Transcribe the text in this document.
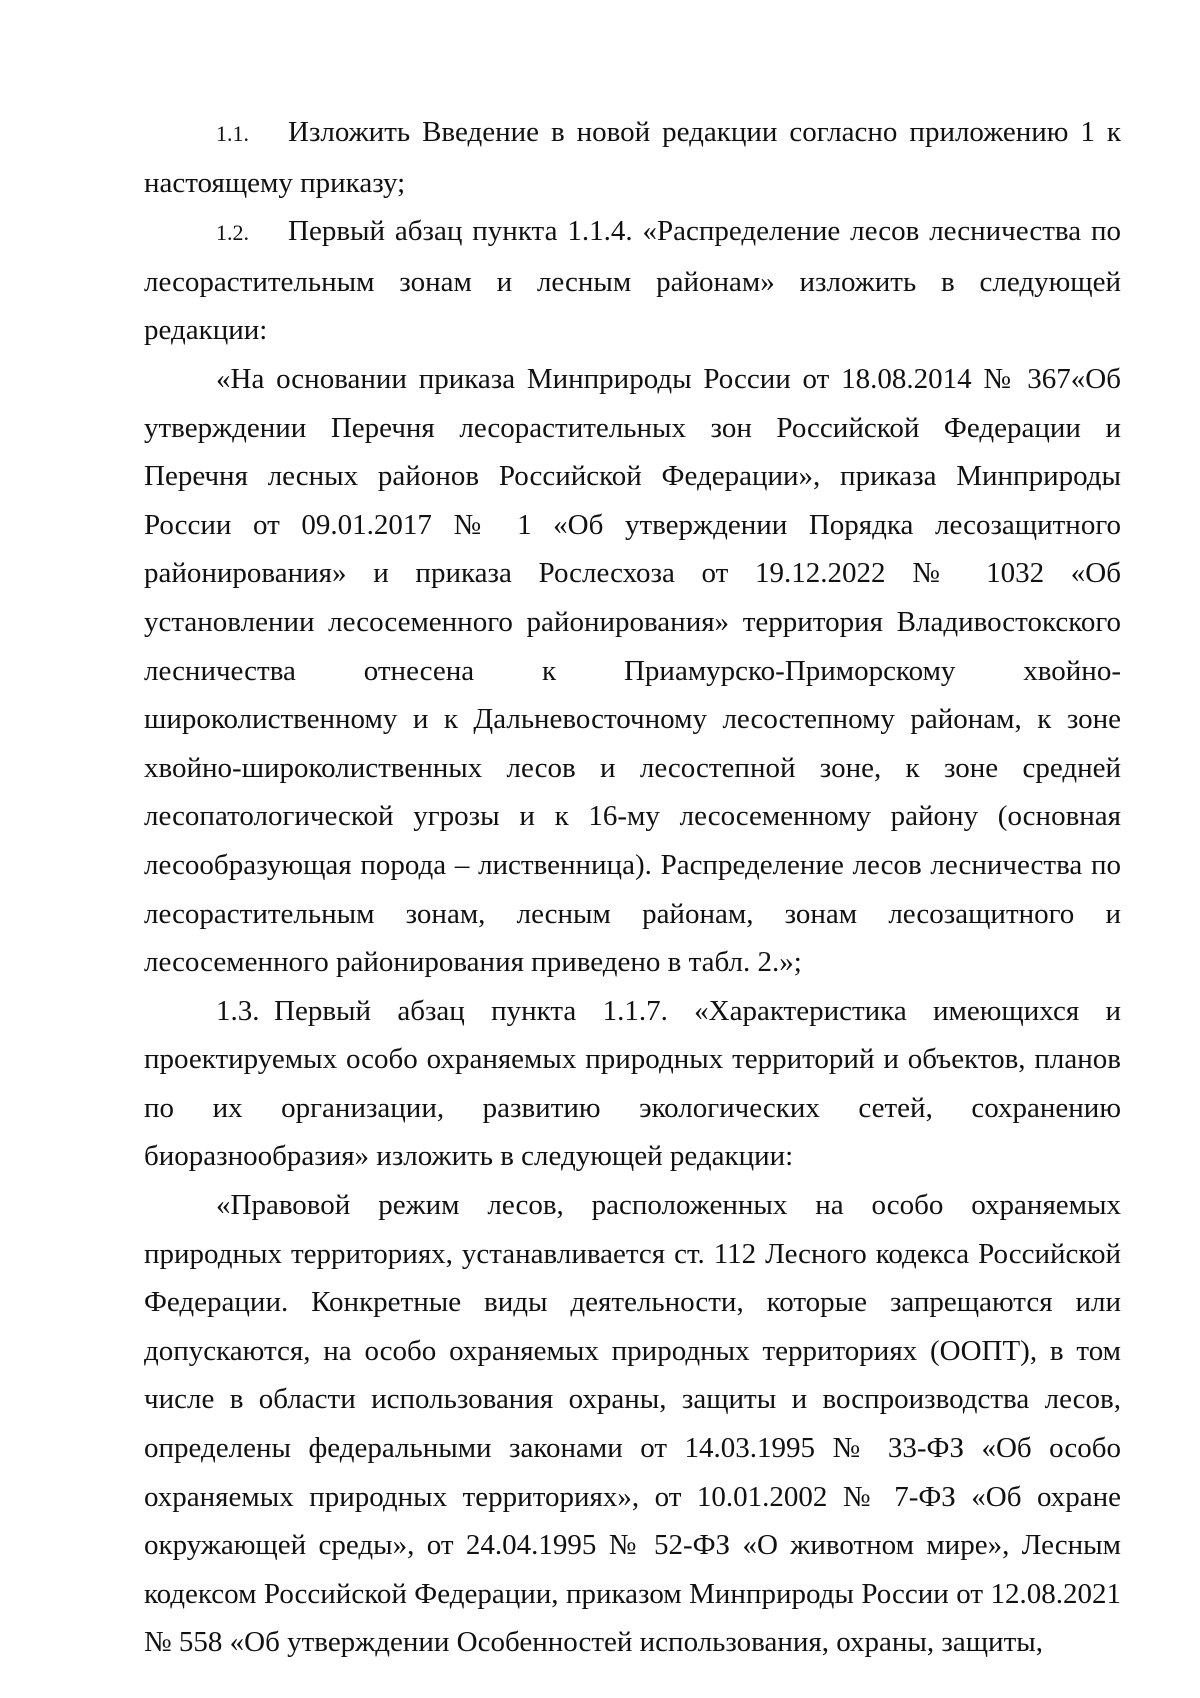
1.1. Изложить Введение в новой редакции согласно приложению 1 к настоящему приказу;

1.2. Первый абзац пункта 1.1.4. «Распределение лесов лесничества по лесорастительным зонам и лесным районам» изложить в следующей редакции:

«На основании приказа Минприроды России от 18.08.2014 № 367«Об утверждении Перечня лесорастительных зон Российской Федерации и Перечня лесных районов Российской Федерации», приказа Минприроды России от 09.01.2017 № 1 «Об утверждении Порядка лесозащитного районирования» и приказа Рослесхоза от 19.12.2022 № 1032 «Об установлении лесосеменного районирования» территория Владивостокского лесничества отнесена к Приамурско-Приморскому хвойно-широколиственному и к Дальневосточному лесостепному районам, к зоне хвойно-широколиственных лесов и лесостепной зоне, к зоне средней лесопатологической угрозы и к 16-му лесосеменному району (основная лесообразующая порода – лиственница). Распределение лесов лесничества по лесорастительным зонам, лесным районам, зонам лесозащитного и лесосеменного районирования приведено в табл. 2.»;

1.3. Первый абзац пункта 1.1.7. «Характеристика имеющихся и проектируемых особо охраняемых природных территорий и объектов, планов по их организации, развитию экологических сетей, сохранению биоразнообразия» изложить в следующей редакции:

«Правовой режим лесов, расположенных на особо охраняемых природных территориях, устанавливается ст. 112 Лесного кодекса Российской Федерации. Конкретные виды деятельности, которые запрещаются или допускаются, на особо охраняемых природных территориях (ООПТ), в том числе в области использования охраны, защиты и воспроизводства лесов, определены федеральными законами от 14.03.1995 № 33-ФЗ «Об особо охраняемых природных территориях», от 10.01.2002 № 7-ФЗ «Об охране окружающей среды», от 24.04.1995 № 52-ФЗ «О животном мире», Лесным кодексом Российской Федерации, приказом Минприроды России от 12.08.2021 № 558 «Об утверждении Особенностей использования, охраны, защиты,
